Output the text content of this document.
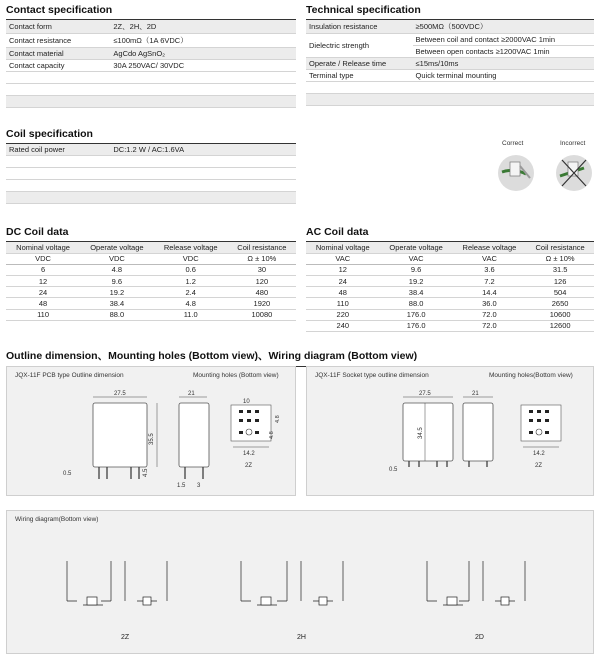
Contact specification
Contact form	2Z、2H、2D
Contact resistance	≤100mΩ（1A 6VDC）
Contact material	AgCdo AgSnO₂
Contact capacity	30A 250VAC/ 30VDC
Technical specification
Insulation resistance	≥500MΩ（500VDC）
Dielectric strength	Between coil and contact ≥2000VAC 1min
	Between open contacts ≥1200VAC 1min
Operate / Release time	≤15ms/10ms
Terminal type	Quick terminal mounting
Coil specification
Rated coil power	DC:1.2 W / AC:1.6VA
Correct	Incorrect
DC Coil data
Nominal voltage	Operate voltage	Release voltage	Coil resistance
VDC	VDC	VDC	Ω ± 10%
6	4.8	0.6	30
12	9.6	1.2	120
24	19.2	2.4	480
48	38.4	4.8	1920
110	88.0	11.0	10080
AC Coil data
Nominal voltage	Operate voltage	Release voltage	Coil resistance
VAC	VAC	VAC	Ω ± 10%
12	9.6	3.6	31.5
24	19.2	7.2	126
48	38.4	14.4	504
110	88.0	36.0	2650
220	176.0	72.0	10600
240	176.0	72.0	12600
Outline dimension、Mounting holes (Bottom view)、Wiring diagram (Bottom view)
JQX-11F PCB type Outline dimension	Mounting holes (Bottom view)
27.5
35.5
0.5	4.5
21
1.5 3
10
4.8
4.8
14.2
2Z
JQX-11F Socket type outline dimension	Mounting holes(Bottom view)
27.5
34.5
0.5
21
14.2
2Z
Wiring diagram(Bottom view)
2Z	2H	2D
